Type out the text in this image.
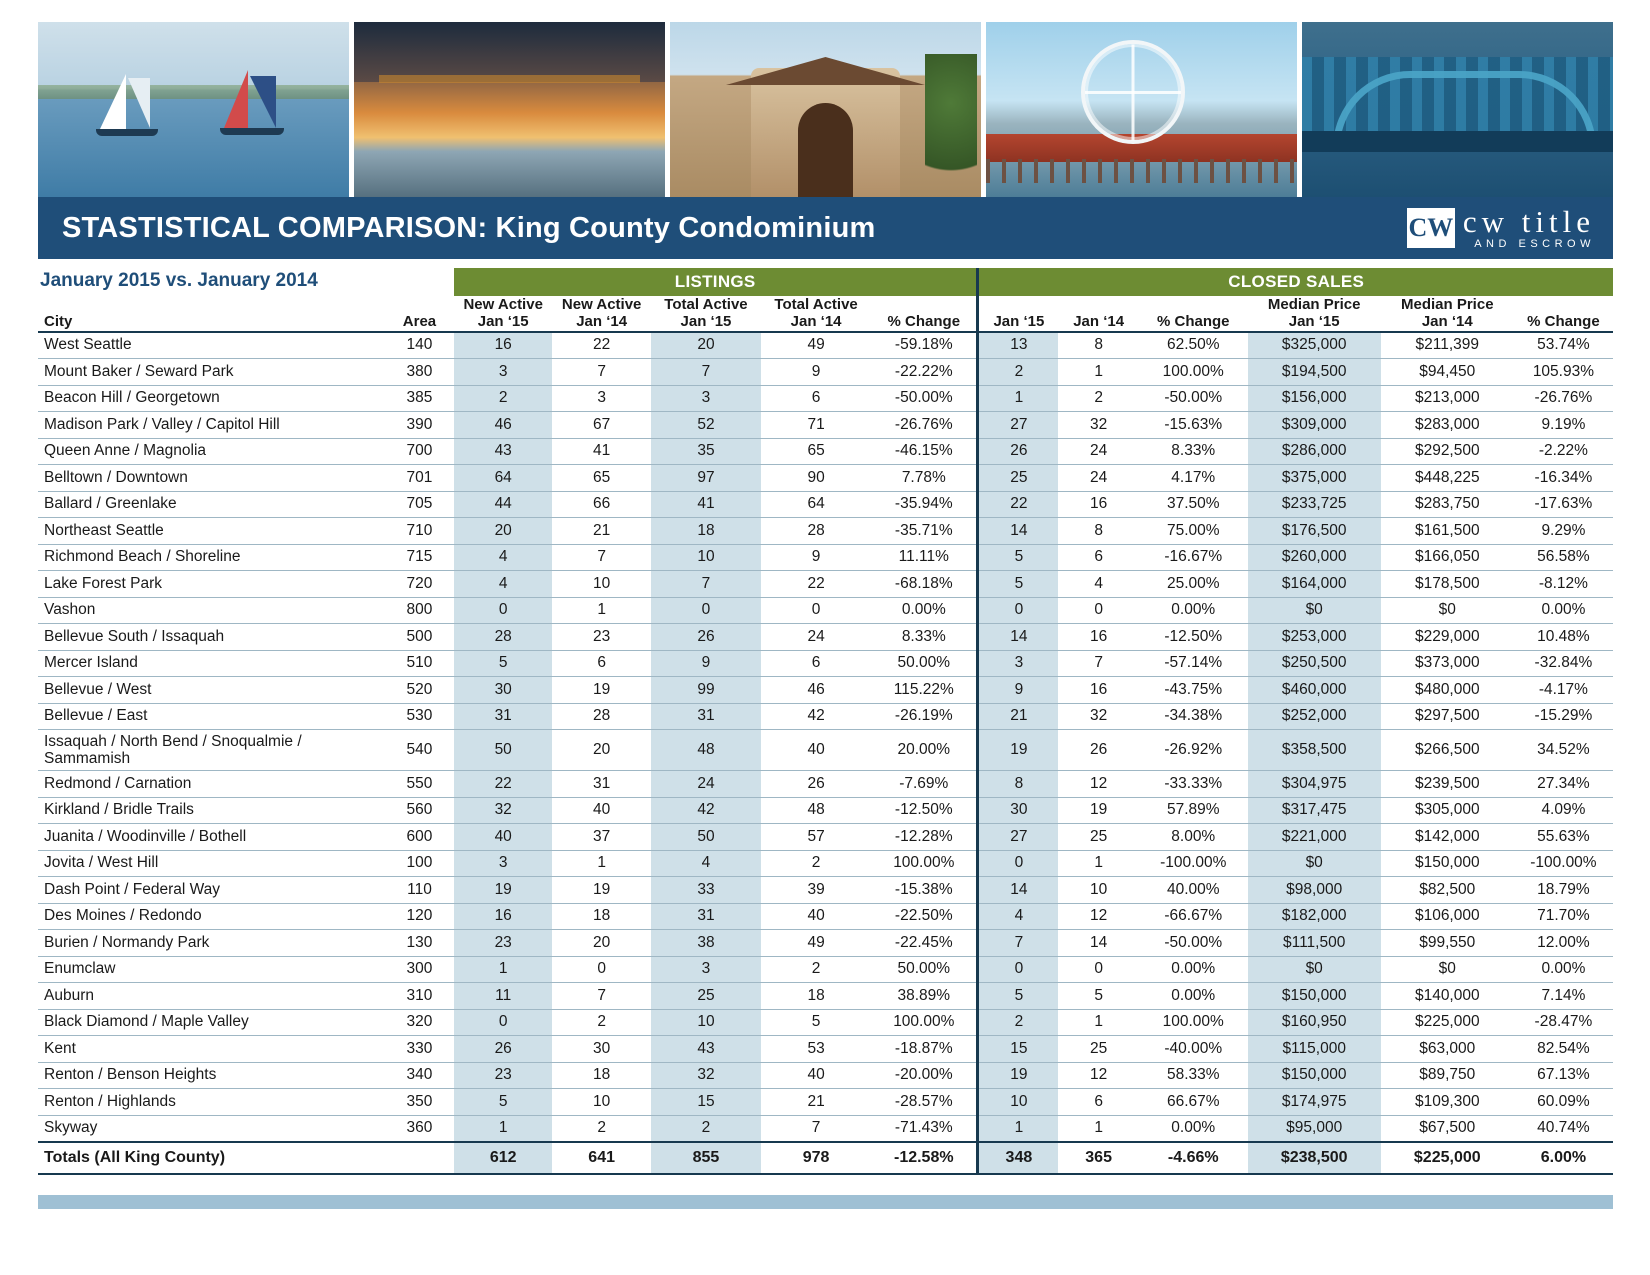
STASTISTICAL COMPARISON: King County Condominium	CW cw title
AND ESCROW
January 2015 vs. January 2014		LISTINGS					CLOSED SALES					
		New Active	New Active	Total Active	Total Active					Median Price	Median Price	
City	Area	Jan ‘15	Jan ‘14	Jan ‘15	Jan ‘14	% Change	Jan ‘15	Jan ‘14	% Change	Jan ‘15	Jan ‘14	% Change
West Seattle	140	16	22	20	49	-59.18%	13	8	62.50%	$325,000	$211,399	53.74%
Mount Baker / Seward Park	380	3	7	7	9	-22.22%	2	1	100.00%	$194,500	$94,450	105.93%
Beacon Hill / Georgetown	385	2	3	3	6	-50.00%	1	2	-50.00%	$156,000	$213,000	-26.76%
Madison Park / Valley / Capitol Hill	390	46	67	52	71	-26.76%	27	32	-15.63%	$309,000	$283,000	9.19%
Queen Anne / Magnolia	700	43	41	35	65	-46.15%	26	24	8.33%	$286,000	$292,500	-2.22%
Belltown / Downtown	701	64	65	97	90	7.78%	25	24	4.17%	$375,000	$448,225	-16.34%
Ballard / Greenlake	705	44	66	41	64	-35.94%	22	16	37.50%	$233,725	$283,750	-17.63%
Northeast Seattle	710	20	21	18	28	-35.71%	14	8	75.00%	$176,500	$161,500	9.29%
Richmond Beach / Shoreline	715	4	7	10	9	11.11%	5	6	-16.67%	$260,000	$166,050	56.58%
Lake Forest Park	720	4	10	7	22	-68.18%	5	4	25.00%	$164,000	$178,500	-8.12%
Vashon	800	0	1	0	0	0.00%	0	0	0.00%	$0	$0	0.00%
Bellevue South / Issaquah	500	28	23	26	24	8.33%	14	16	-12.50%	$253,000	$229,000	10.48%
Mercer Island	510	5	6	9	6	50.00%	3	7	-57.14%	$250,500	$373,000	-32.84%
Bellevue / West	520	30	19	99	46	115.22%	9	16	-43.75%	$460,000	$480,000	-4.17%
Bellevue / East	530	31	28	31	42	-26.19%	21	32	-34.38%	$252,000	$297,500	-15.29%
Issaquah / North Bend / Snoqualmie / Sammamish	540	50	20	48	40	20.00%	19	26	-26.92%	$358,500	$266,500	34.52%
Redmond / Carnation	550	22	31	24	26	-7.69%	8	12	-33.33%	$304,975	$239,500	27.34%
Kirkland / Bridle Trails	560	32	40	42	48	-12.50%	30	19	57.89%	$317,475	$305,000	4.09%
Juanita / Woodinville / Bothell	600	40	37	50	57	-12.28%	27	25	8.00%	$221,000	$142,000	55.63%
Jovita / West Hill	100	3	1	4	2	100.00%	0	1	-100.00%	$0	$150,000	-100.00%
Dash Point / Federal Way	110	19	19	33	39	-15.38%	14	10	40.00%	$98,000	$82,500	18.79%
Des Moines / Redondo	120	16	18	31	40	-22.50%	4	12	-66.67%	$182,000	$106,000	71.70%
Burien / Normandy Park	130	23	20	38	49	-22.45%	7	14	-50.00%	$111,500	$99,550	12.00%
Enumclaw	300	1	0	3	2	50.00%	0	0	0.00%	$0	$0	0.00%
Auburn	310	11	7	25	18	38.89%	5	5	0.00%	$150,000	$140,000	7.14%
Black Diamond / Maple Valley	320	0	2	10	5	100.00%	2	1	100.00%	$160,950	$225,000	-28.47%
Kent	330	26	30	43	53	-18.87%	15	25	-40.00%	$115,000	$63,000	82.54%
Renton / Benson Heights	340	23	18	32	40	-20.00%	19	12	58.33%	$150,000	$89,750	67.13%
Renton / Highlands	350	5	10	15	21	-28.57%	10	6	66.67%	$174,975	$109,300	60.09%
Skyway	360	1	2	2	7	-71.43%	1	1	0.00%	$95,000	$67,500	40.74%
Totals (All King County)		612	641	855	978	-12.58%	348	365	-4.66%	$238,500	$225,000	6.00%
